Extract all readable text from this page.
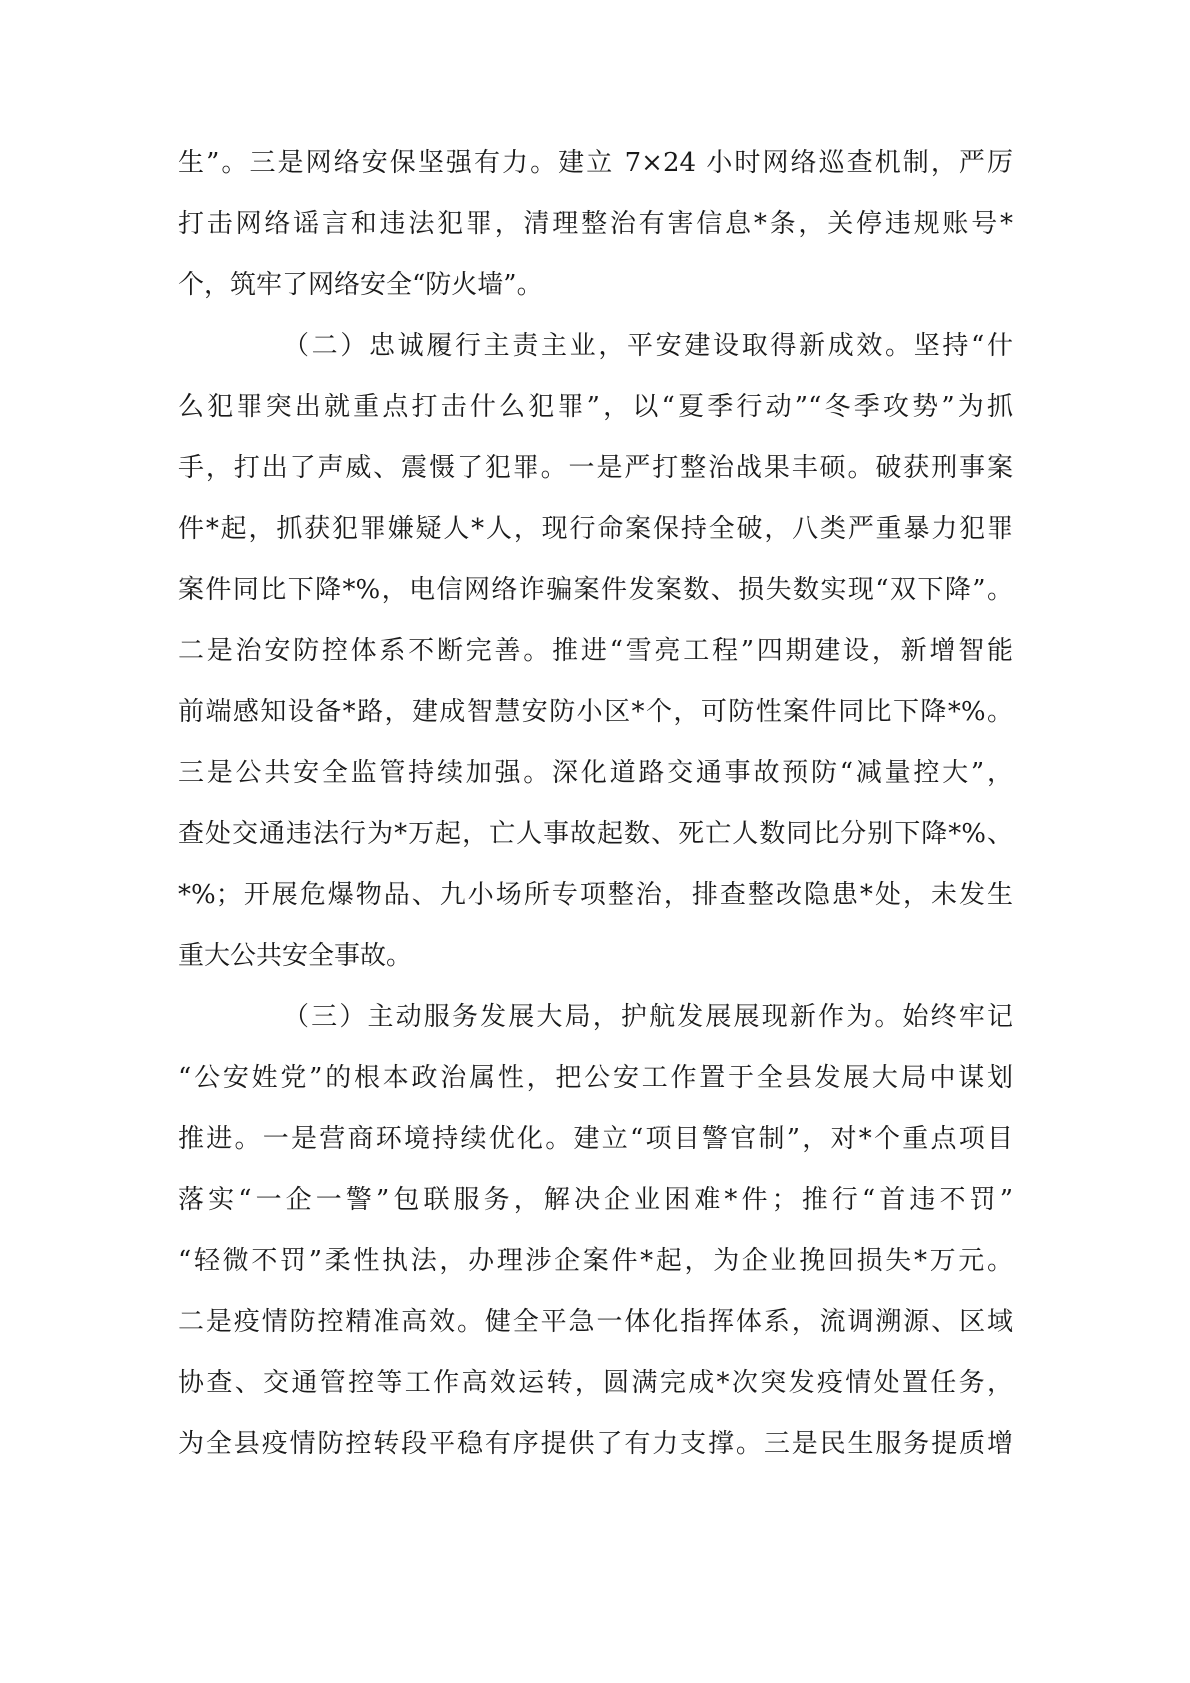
生”。三是网络安保坚强有力。建立 7×24 小时网络巡查机制，严厉
打击网络谣言和违法犯罪，清理整治有害信息*条，关停违规账号*
个，筑牢了网络安全“防火墙”。
（二）忠诚履行主责主业，平安建设取得新成效。坚持“什
么犯罪突出就重点打击什么犯罪”，以“夏季行动”“冬季攻势”为抓
手，打出了声威、震慑了犯罪。一是严打整治战果丰硕。破获刑事案
件*起，抓获犯罪嫌疑人*人，现行命案保持全破，八类严重暴力犯罪
案件同比下降*%，电信网络诈骗案件发案数、损失数实现“双下降”。
二是治安防控体系不断完善。推进“雪亮工程”四期建设，新增智能
前端感知设备*路，建成智慧安防小区*个，可防性案件同比下降*%。
三是公共安全监管持续加强。深化道路交通事故预防“减量控大”，
查处交通违法行为*万起，亡人事故起数、死亡人数同比分别下降*%、
*%；开展危爆物品、九小场所专项整治，排查整改隐患*处，未发生
重大公共安全事故。
（三）主动服务发展大局，护航发展展现新作为。始终牢记
“公安姓党”的根本政治属性，把公安工作置于全县发展大局中谋划
推进。一是营商环境持续优化。建立“项目警官制”，对*个重点项目
落实“一企一警”包联服务，解决企业困难*件；推行“首违不罚”
“轻微不罚”柔性执法，办理涉企案件*起，为企业挽回损失*万元。
二是疫情防控精准高效。健全平急一体化指挥体系，流调溯源、区域
协查、交通管控等工作高效运转，圆满完成*次突发疫情处置任务，
为全县疫情防控转段平稳有序提供了有力支撑。三是民生服务提质增
